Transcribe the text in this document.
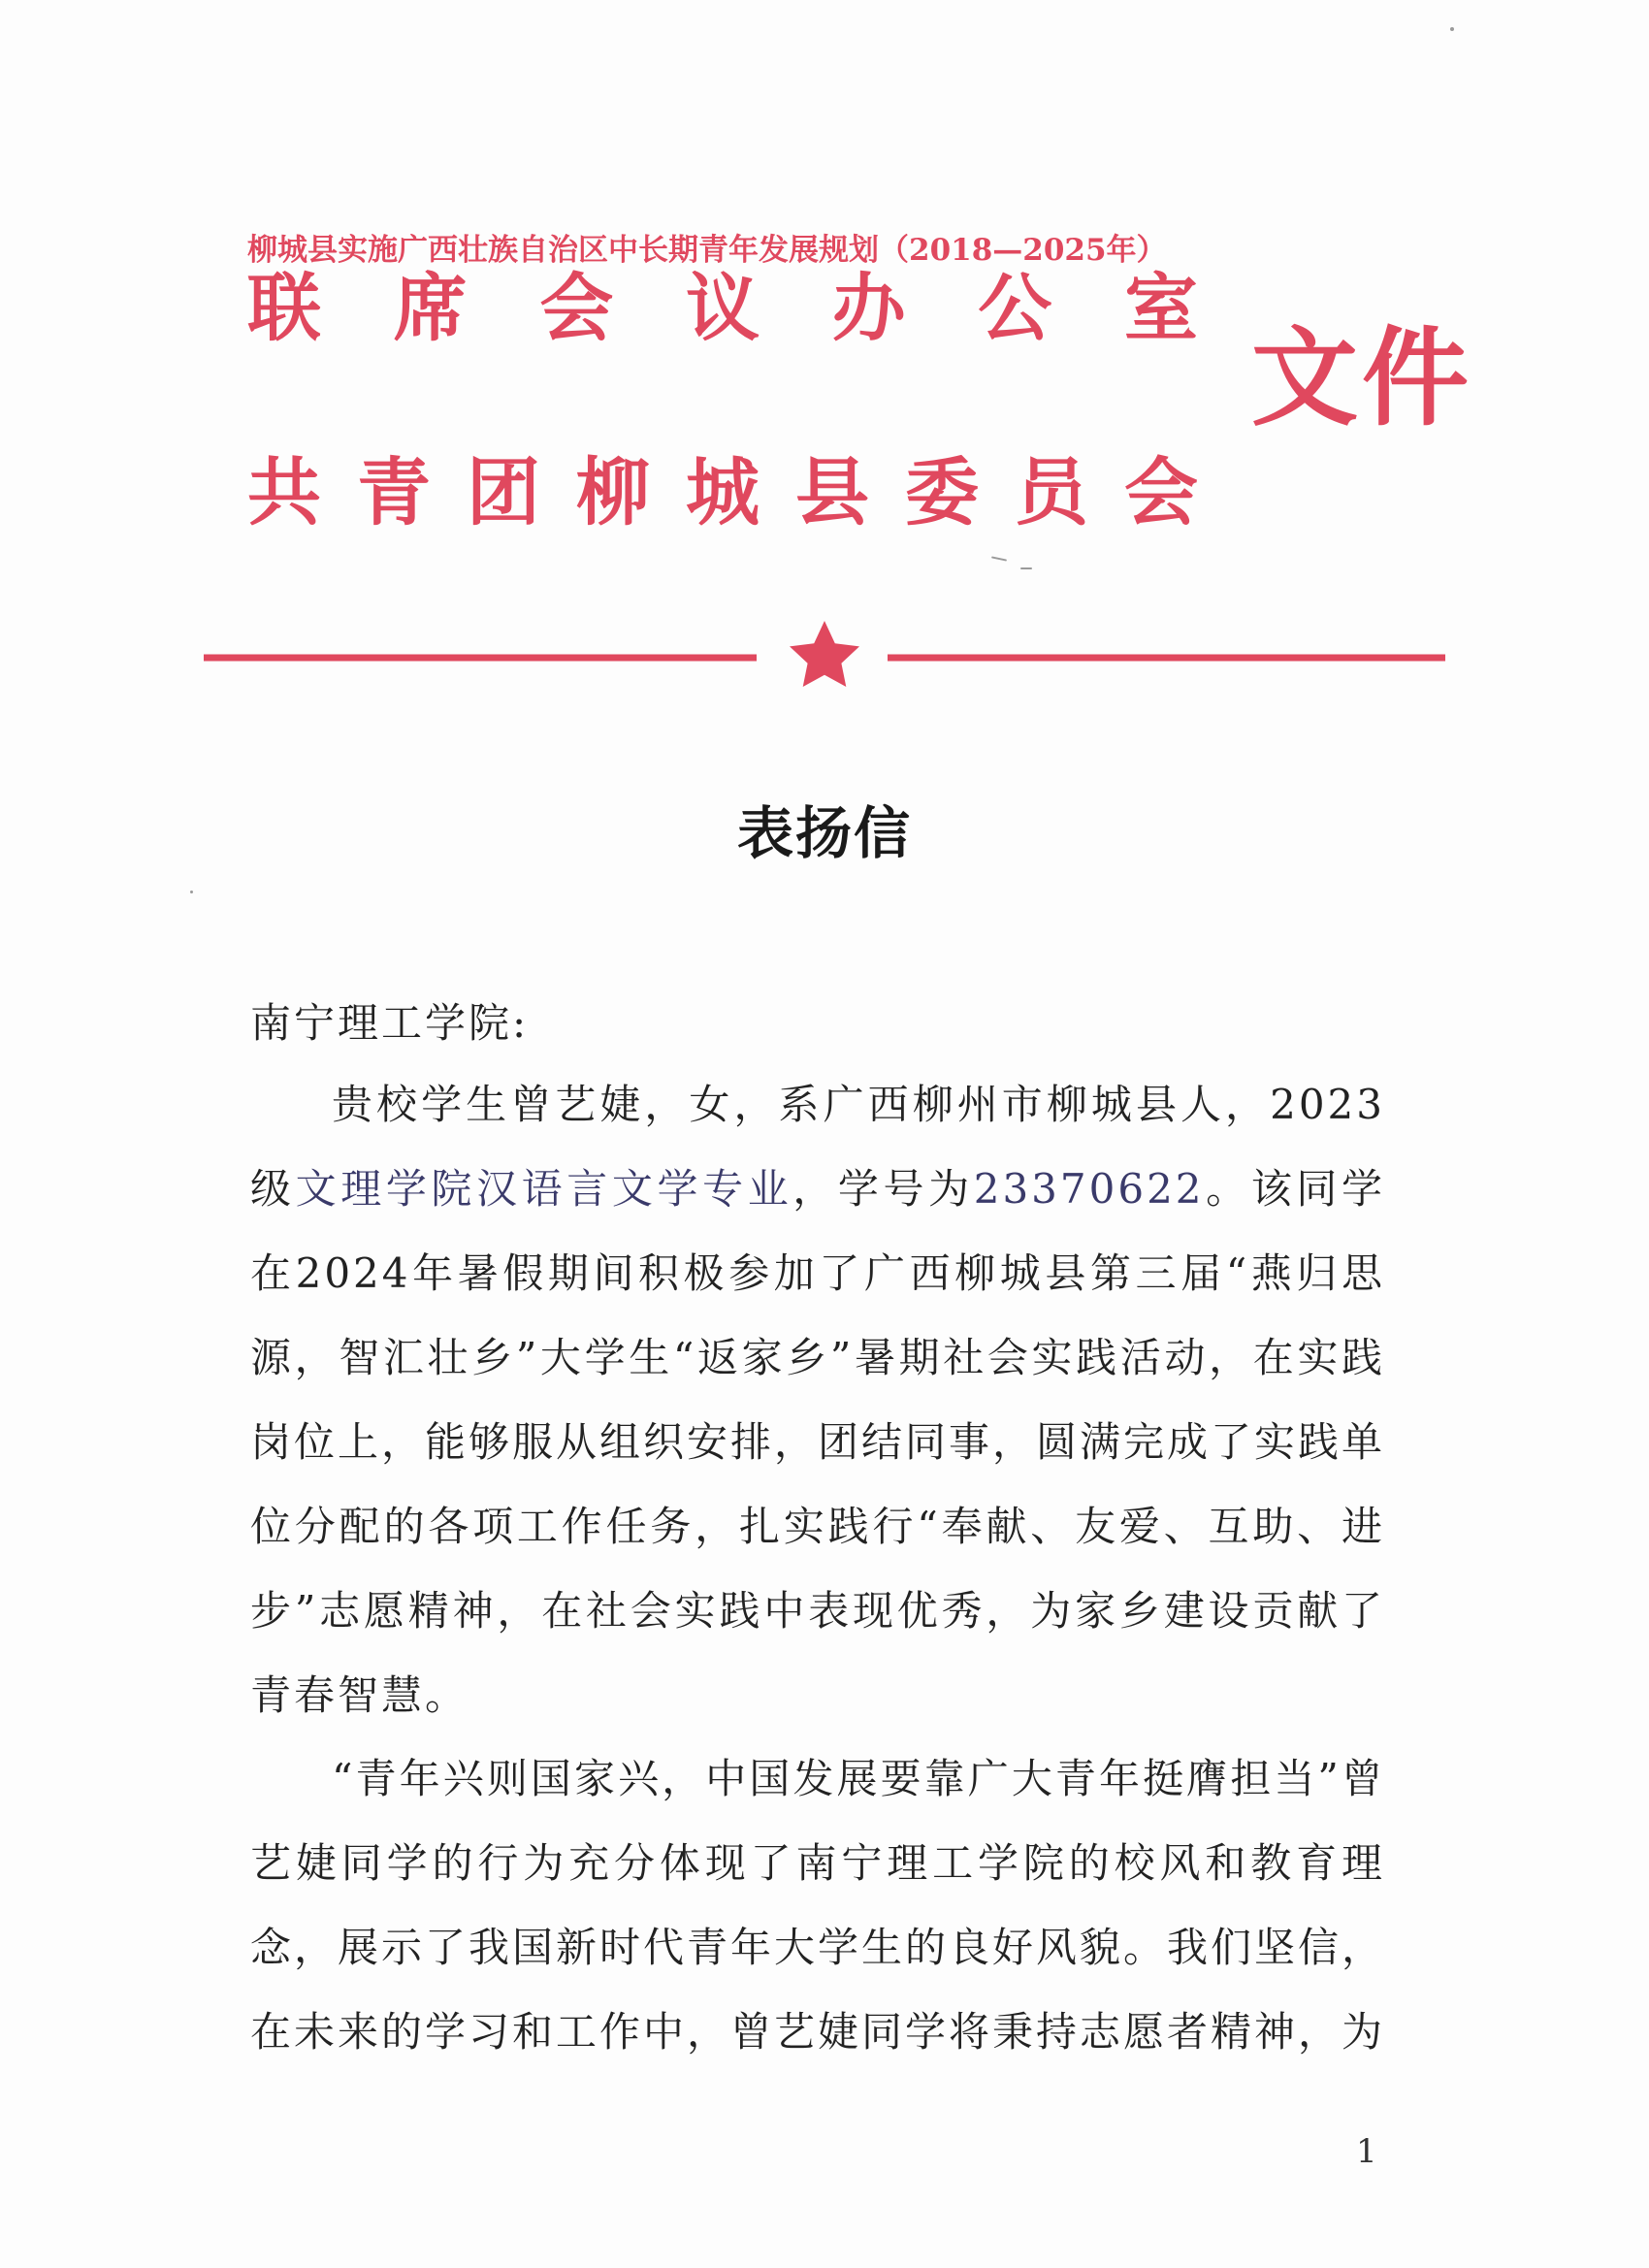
柳城县实施广西壮族自治区中长期青年发展规划（2018—2025年）
联 席 会 议 办 公 室
共 青 团 柳 城 县 委 员 会
文件
表扬信
南宁理工学院:

贵校学生曾艺婕，女，系广西柳州市柳城县人，2023级文理学院汉语言文学专业，学号为23370622。该同学在2024年暑假期间积极参加了广西柳城县第三届“燕归思源，智汇壮乡”大学生“返家乡”暑期社会实践活动，在实践岗位上，能够服从组织安排，团结同事，圆满完成了实践单位分配的各项工作任务，扎实践行“奉献、友爱、互助、进步”志愿精神，在社会实践中表现优秀，为家乡建设贡献了青春智慧。

“青年兴则国家兴，中国发展要靠广大青年挺膺担当”曾艺婕同学的行为充分体现了南宁理工学院的校风和教育理念，展示了我国新时代青年大学生的良好风貌。我们坚信，在未来的学习和工作中，曾艺婕同学将秉持志愿者精神，为

1
